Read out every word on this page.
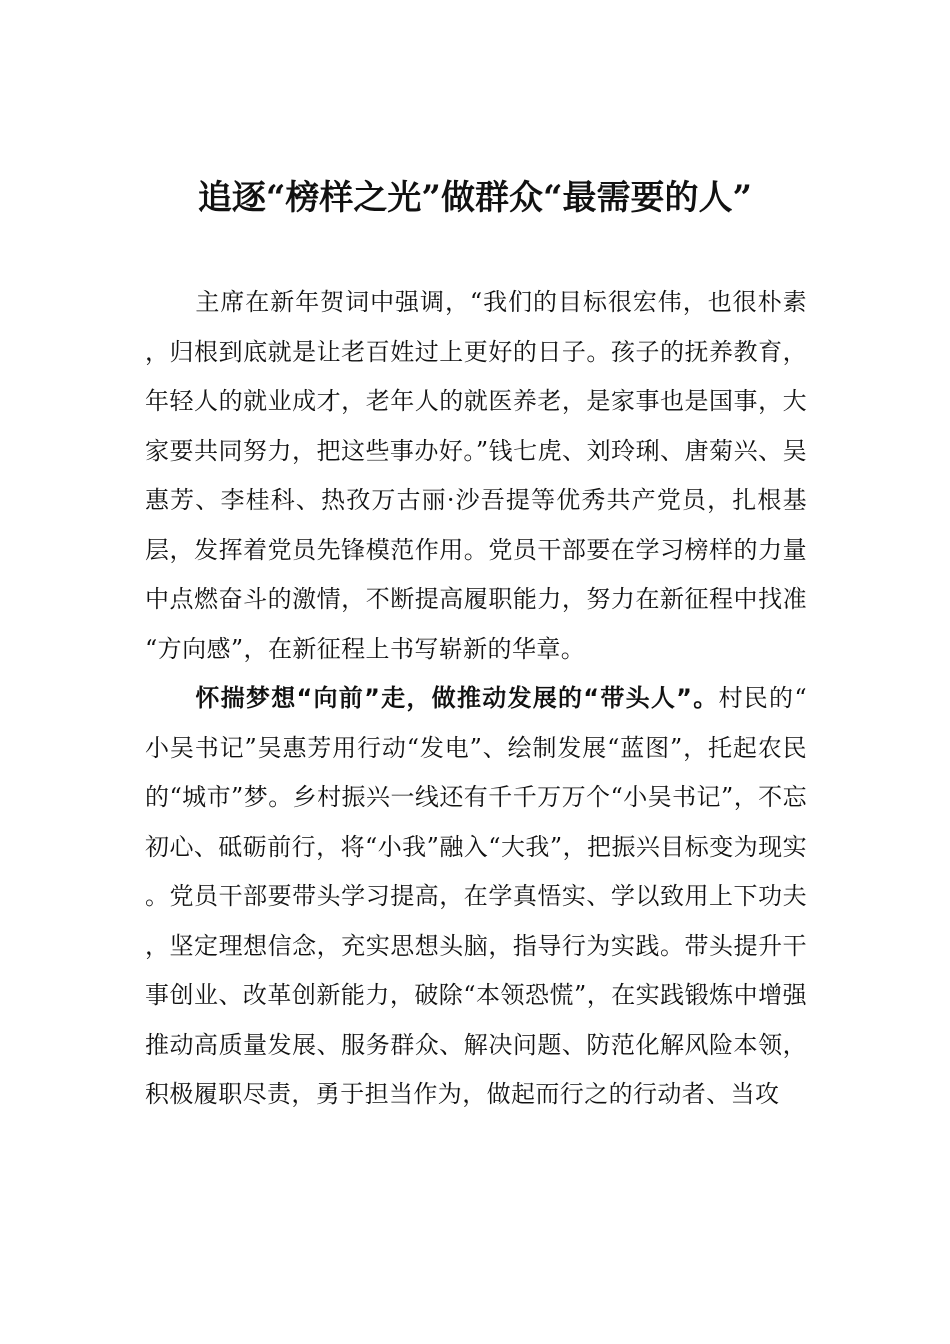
追逐“榜样之光”做群众“最需要的人”

主席在新年贺词中强调，“我们的目标很宏伟，也很朴素，归根到底就是让老百姓过上更好的日子。孩子的抚养教育，年轻人的就业成才，老年人的就医养老，是家事也是国事，大家要共同努力，把这些事办好。”钱七虎、刘玲琍、唐菊兴、吴惠芳、李桂科、热孜万古丽·沙吾提等优秀共产党员，扎根基层，发挥着党员先锋模范作用。党员干部要在学习榜样的力量中点燃奋斗的激情，不断提高履职能力，努力在新征程中找准“方向感”，在新征程上书写崭新的华章。

怀揣梦想“向前”走，做推动发展的“带头人”。村民的“小吴书记”吴惠芳用行动“发电”、绘制发展“蓝图”，托起农民的“城市”梦。乡村振兴一线还有千千万万个“小吴书记”，不忘初心、砥砺前行，将“小我”融入“大我”，把振兴目标变为现实。党员干部要带头学习提高，在学真悟实、学以致用上下功夫，坚定理想信念，充实思想头脑，指导行为实践。带头提升干事创业、改革创新能力，破除“本领恐慌”，在实践锻炼中增强推动高质量发展、服务群众、解决问题、防范化解风险本领，积极履职尽责，勇于担当作为，做起而行之的行动者、当攻
